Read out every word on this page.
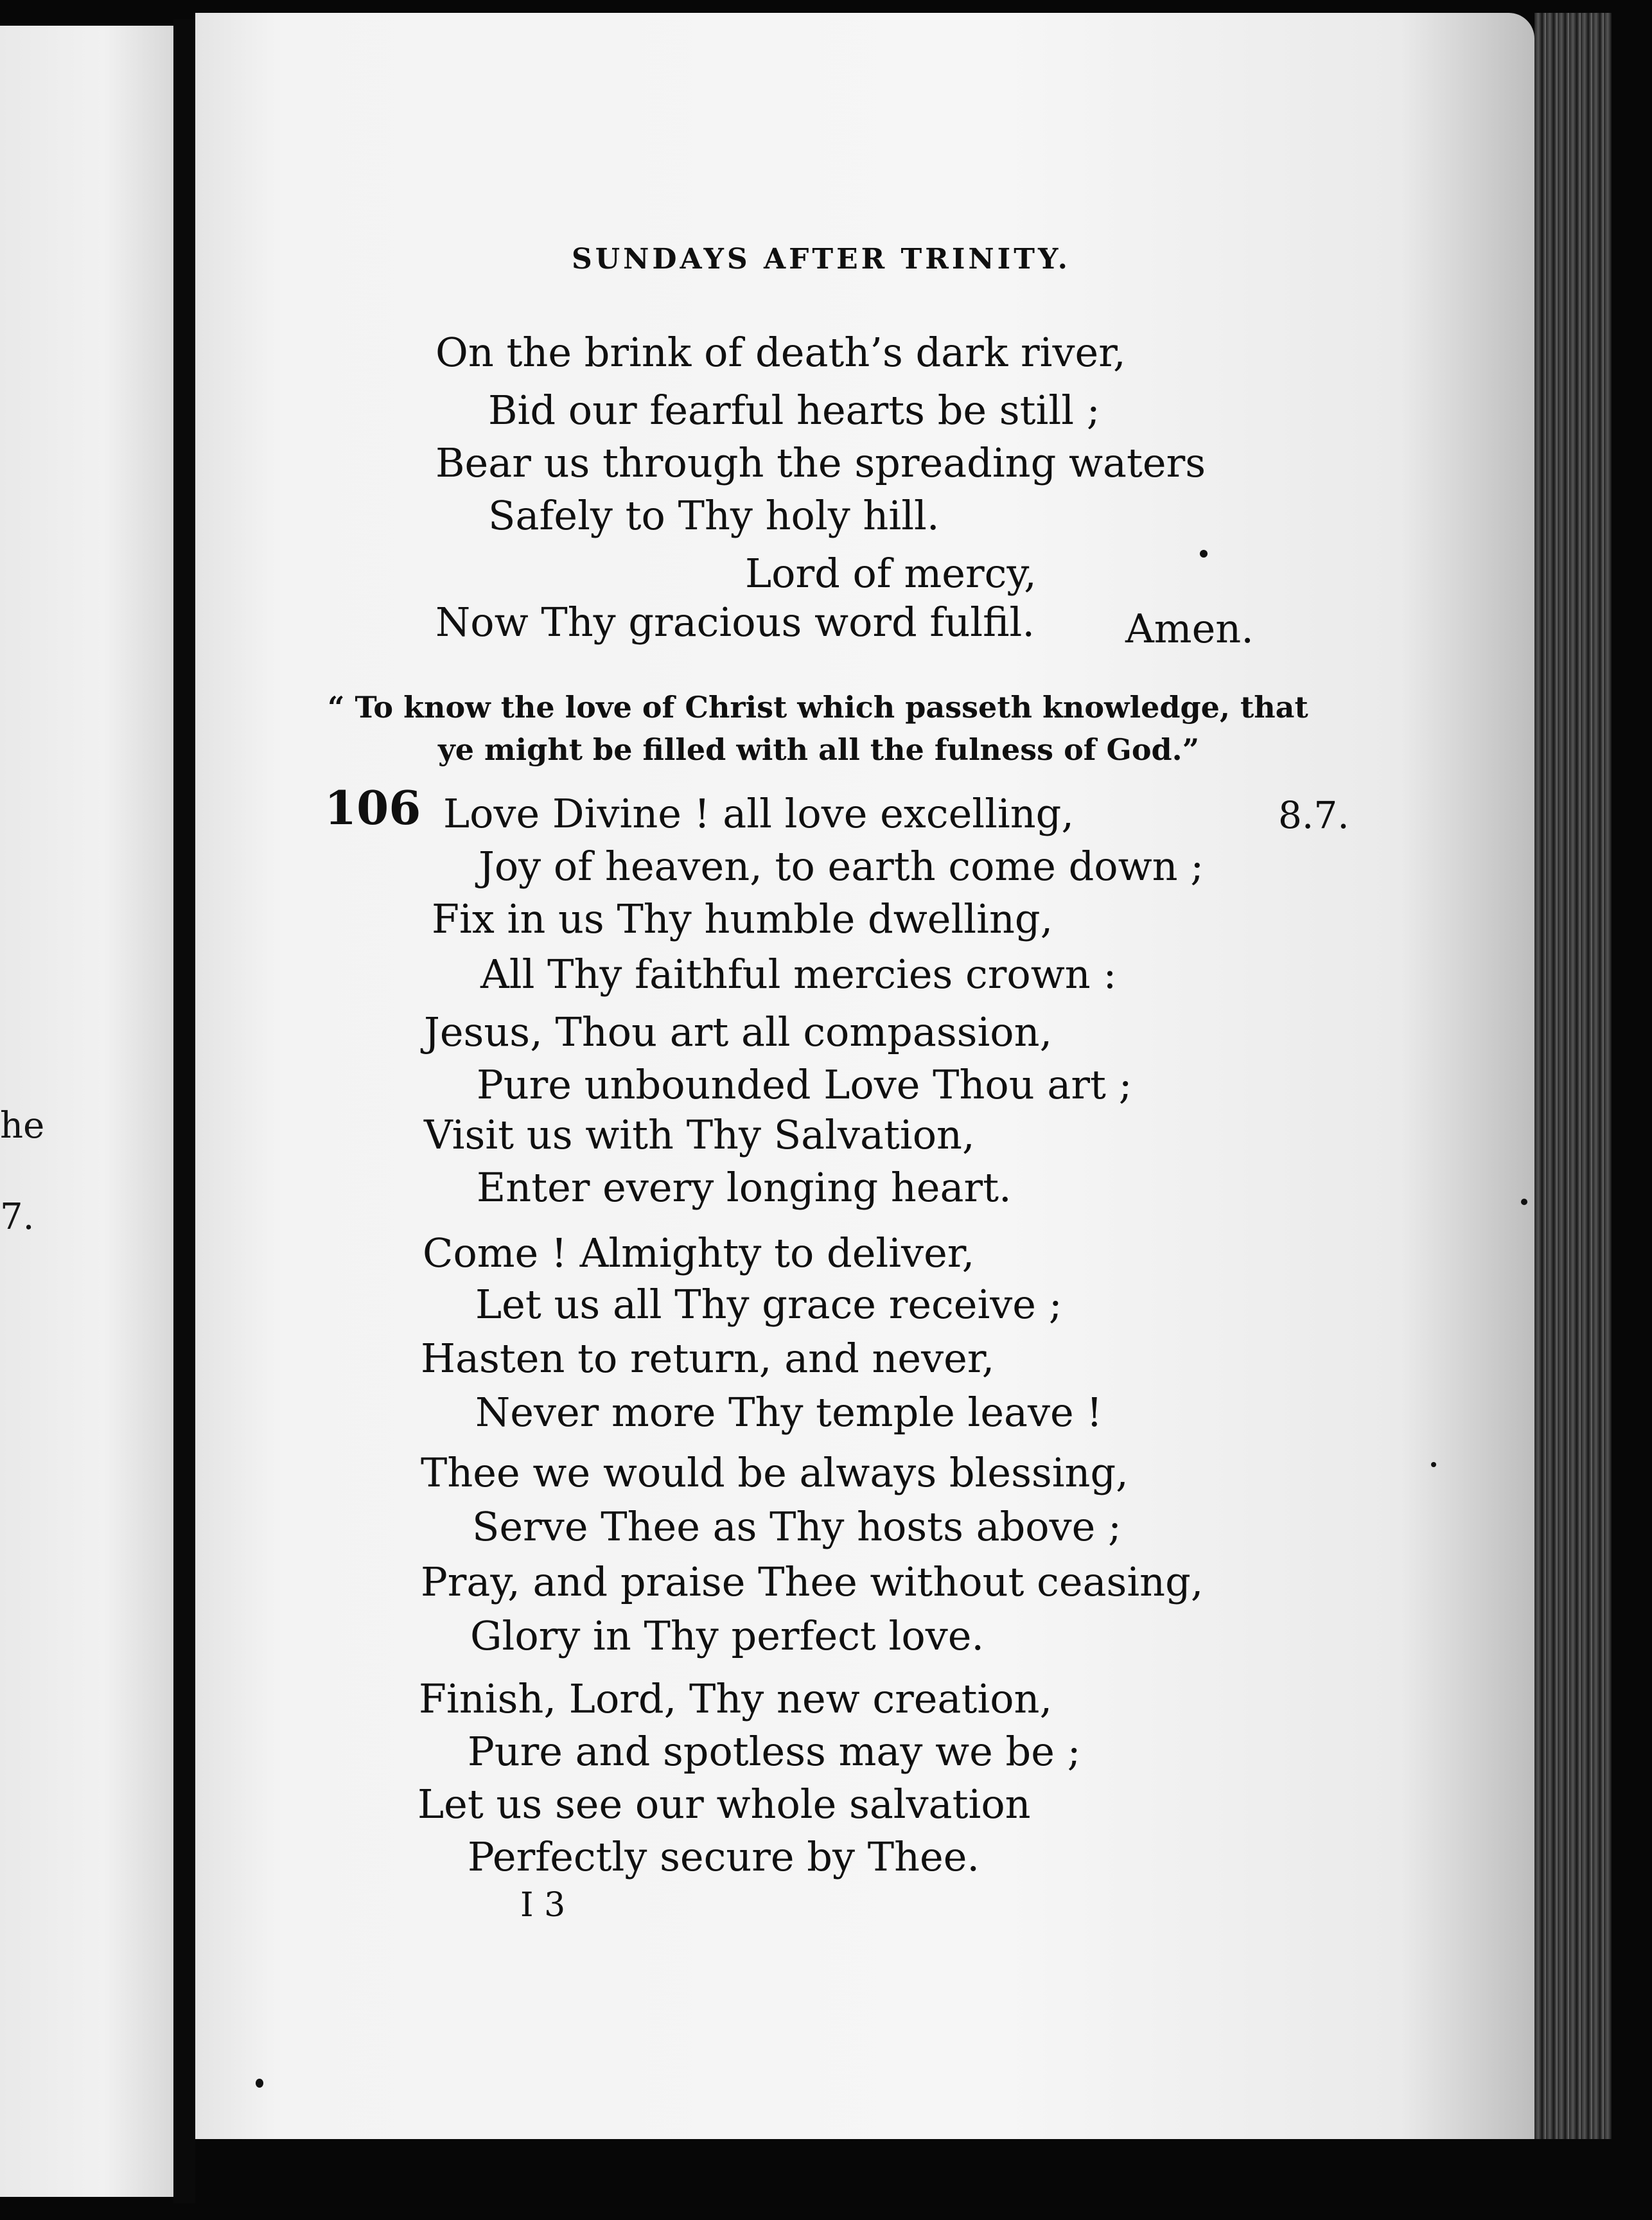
he
7.
SUNDAYS AFTER TRINITY.
On the brink of death’s dark river,
Bid our fearful hearts be still ;
Bear us through the spreading waters
Safely to Thy holy hill.
Lord of mercy,
Now Thy gracious word fulfil. Amen.
“ To know the love of Christ which passeth knowledge, that
ye might be filled with all the fulness of God.”
106	8.7.
Love Divine ! all love excelling,
Joy of heaven, to earth come down ;
Fix in us Thy humble dwelling,
All Thy faithful mercies crown :
Jesus, Thou art all compassion,
Pure unbounded Love Thou art ;
Visit us with Thy Salvation,
Enter every longing heart.
Come ! Almighty to deliver,
Let us all Thy grace receive ;
Hasten to return, and never,
Never more Thy temple leave !
Thee we would be always blessing,
Serve Thee as Thy hosts above ;
Pray, and praise Thee without ceasing,
Glory in Thy perfect love.
Finish, Lord, Thy new creation,
Pure and spotless may we be ;
Let us see our whole salvation
Perfectly secure by Thee.
I 3
